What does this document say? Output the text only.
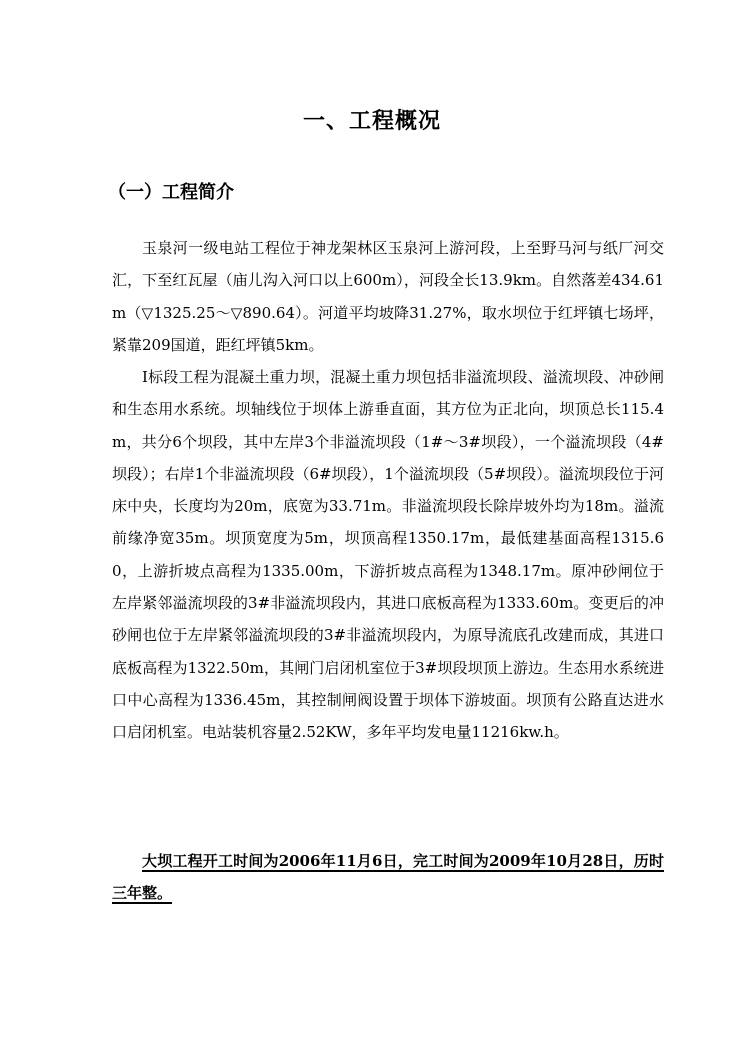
一、工程概况
（一）工程简介

玉泉河一级电站工程位于神龙架林区玉泉河上游河段，上至野马河与纸厂河交汇，下至红瓦屋（庙儿沟入河口以上600m），河段全长13.9km。自然落差434.61m（▽1325.25～▽890.64）。河道平均坡降31.27%，取水坝位于红坪镇七场坪，紧靠209国道，距红坪镇5km。

Ⅰ标段工程为混凝土重力坝，混凝土重力坝包括非溢流坝段、溢流坝段、冲砂闸和生态用水系统。坝轴线位于坝体上游垂直面，其方位为正北向，坝顶总长115.4m，共分6个坝段，其中左岸3个非溢流坝段（1#～3#坝段），一个溢流坝段（4#坝段）；右岸1个非溢流坝段（6#坝段），1个溢流坝段（5#坝段）。溢流坝段位于河床中央，长度均为20m，底宽为33.71m。非溢流坝段长除岸坡外均为18m。溢流前缘净宽35m。坝顶宽度为5m，坝顶高程1350.17m，最低建基面高程1315.60，上游折坡点高程为1335.00m，下游折坡点高程为1348.17m。原冲砂闸位于左岸紧邻溢流坝段的3#非溢流坝段内，其进口底板高程为1333.60m。变更后的冲砂闸也位于左岸紧邻溢流坝段的3#非溢流坝段内，为原导流底孔改建而成，其进口底板高程为1322.50m，其闸门启闭机室位于3#坝段坝顶上游边。生态用水系统进口中心高程为1336.45m，其控制闸阀设置于坝体下游坡面。坝顶有公路直达进水口启闭机室。电站装机容量2.52KW，多年平均发电量11216kw.h。

大坝工程开工时间为2006年11月6日，完工时间为2009年10月28日，历时三年整。
